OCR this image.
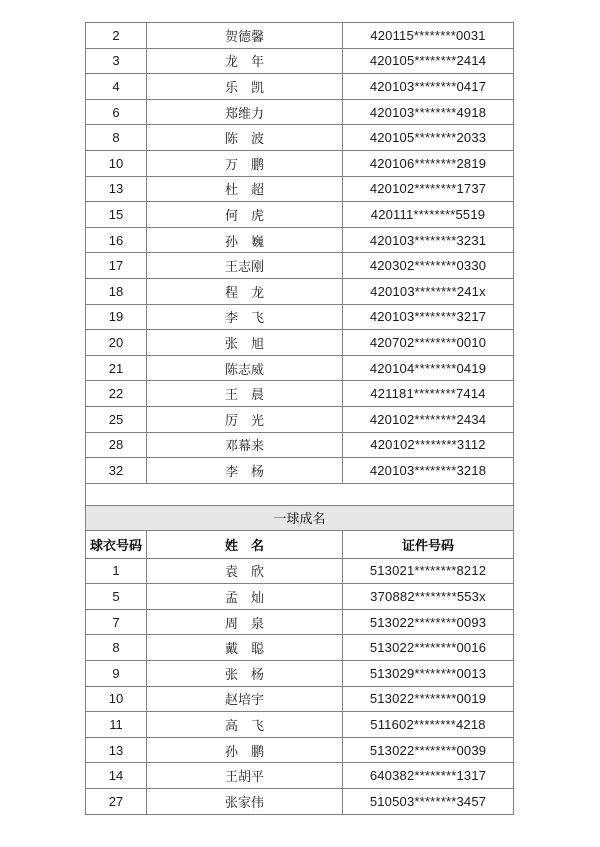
2	贺德馨	420115********0031
3	龙　年	420105********2414
4	乐　凯	420103********0417
6	郑维力	420103********4918
8	陈　波	420105********2033
10	万　鹏	420106********2819
13	杜　超	420102********1737
15	何　虎	420111********5519
16	孙　巍	420103********3231
17	王志刚	420302********0330
18	程　龙	420103********241x
19	李　飞	420103********3217
20	张　旭	420702********0010
21	陈志威	420104********0419
22	王　晨	421181********7414
25	厉　光	420102********2434
28	邓幕来	420102********3112
32	李　杨	420103********3218
一球成名		
球衣号码	姓　名	证件号码
1	袁　欣	513021********8212
5	孟　灿	370882********553x
7	周　泉	513022********0093
8	戴　聪	513022********0016
9	张　杨	513029********0013
10	赵培宇	513022********0019
11	高　飞	511602********4218
13	孙　鹏	513022********0039
14	王胡平	640382********1317
27	张家伟	510503********3457
